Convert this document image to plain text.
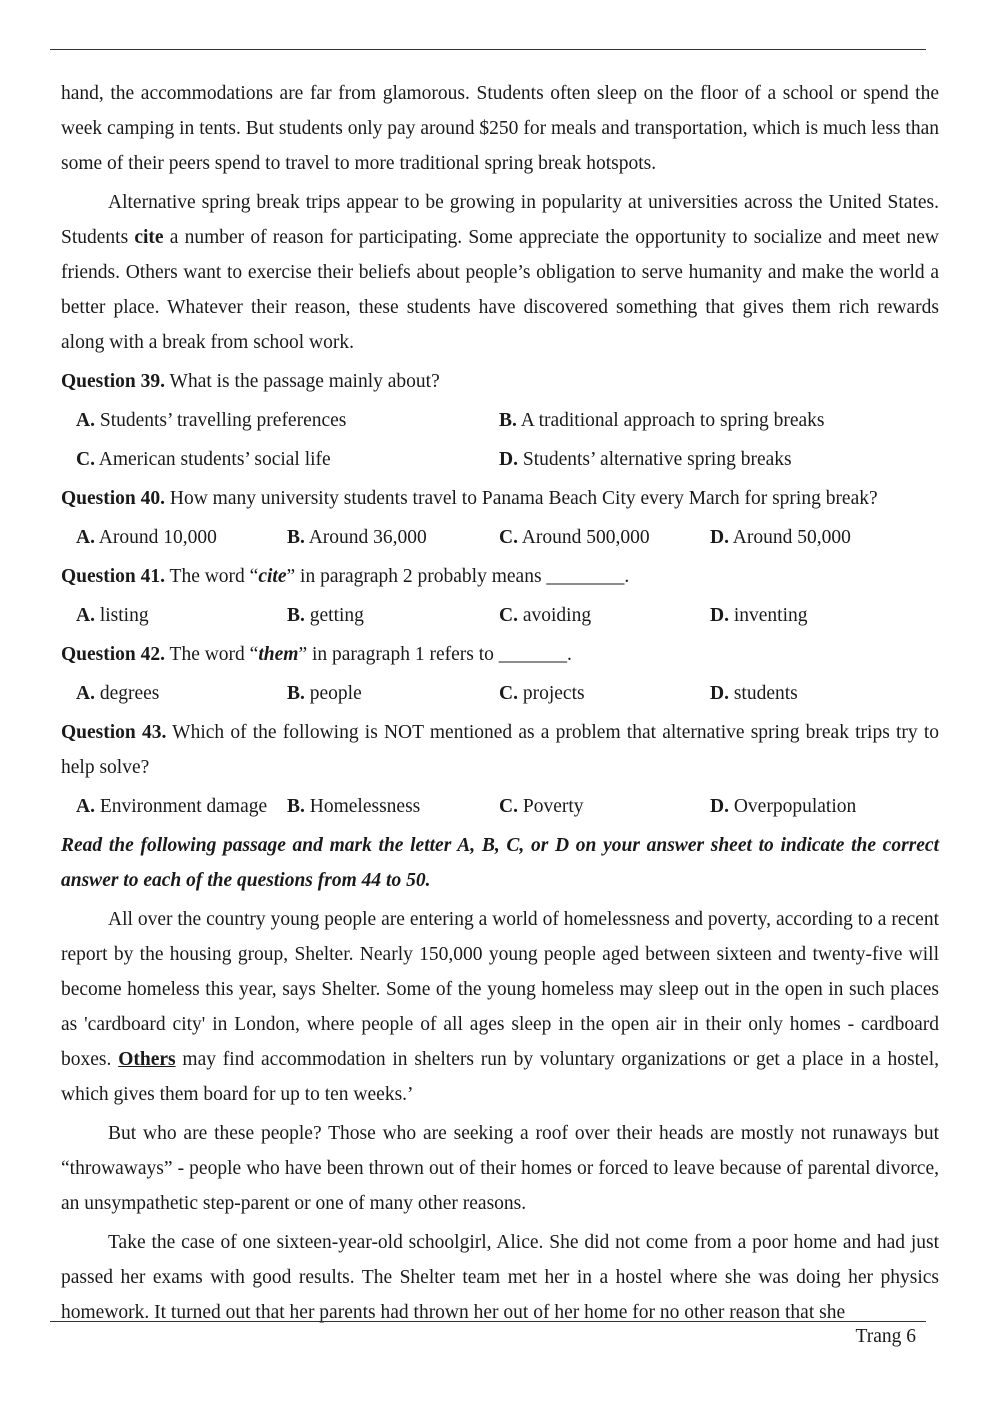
hand, the accommodations are far from glamorous. Students often sleep on the floor of a school or spend the week camping in tents. But students only pay around $250 for meals and transportation, which is much less than some of their peers spend to travel to more traditional spring break hotspots.

Alternative spring break trips appear to be growing in popularity at universities across the United States. Students cite a number of reason for participating. Some appreciate the opportunity to socialize and meet new friends. Others want to exercise their beliefs about people’s obligation to serve humanity and make the world a better place. Whatever their reason, these students have discovered something that gives them rich rewards along with a break from school work.

Question 39. What is the passage mainly about?
A. Students’ travelling preferences	B. A traditional approach to spring breaks
C. American students’ social life	D. Students’ alternative spring breaks
Question 40. How many university students travel to Panama Beach City every March for spring break?
A. Around 10,000	B. Around 36,000	C. Around 500,000	D. Around 50,000
Question 41. The word “cite” in paragraph 2 probably means ________.
A. listing	B. getting	C. avoiding	D. inventing
Question 42. The word “them” in paragraph 1 refers to _______.
A. degrees	B. people	C. projects	D. students

Question 43. Which of the following is NOT mentioned as a problem that alternative spring break trips try to help solve?

A. Environment damage	B. Homelessness	C. Poverty	D. Overpopulation

Read the following passage and mark the letter A, B, C, or D on your answer sheet to indicate the correct answer to each of the questions from 44 to 50.

All over the country young people are entering a world of homelessness and poverty, according to a recent report by the housing group, Shelter. Nearly 150,000 young people aged between sixteen and twenty-five will become homeless this year, says Shelter. Some of the young homeless may sleep out in the open in such places as 'cardboard city' in London, where people of all ages sleep in the open air in their only homes - cardboard boxes. Others may find accommodation in shelters run by voluntary organizations or get a place in a hostel, which gives them board for up to ten weeks.’

But who are these people? Those who are seeking a roof over their heads are mostly not runaways but “throwaways” - people who have been thrown out of their homes or forced to leave because of parental divorce, an unsympathetic step-parent or one of many other reasons.

Take the case of one sixteen-year-old schoolgirl, Alice. She did not come from a poor home and had just passed her exams with good results. The Shelter team met her in a hostel where she was doing her physics homework. It turned out that her parents had thrown her out of her home for no other reason that she

Trang 6
